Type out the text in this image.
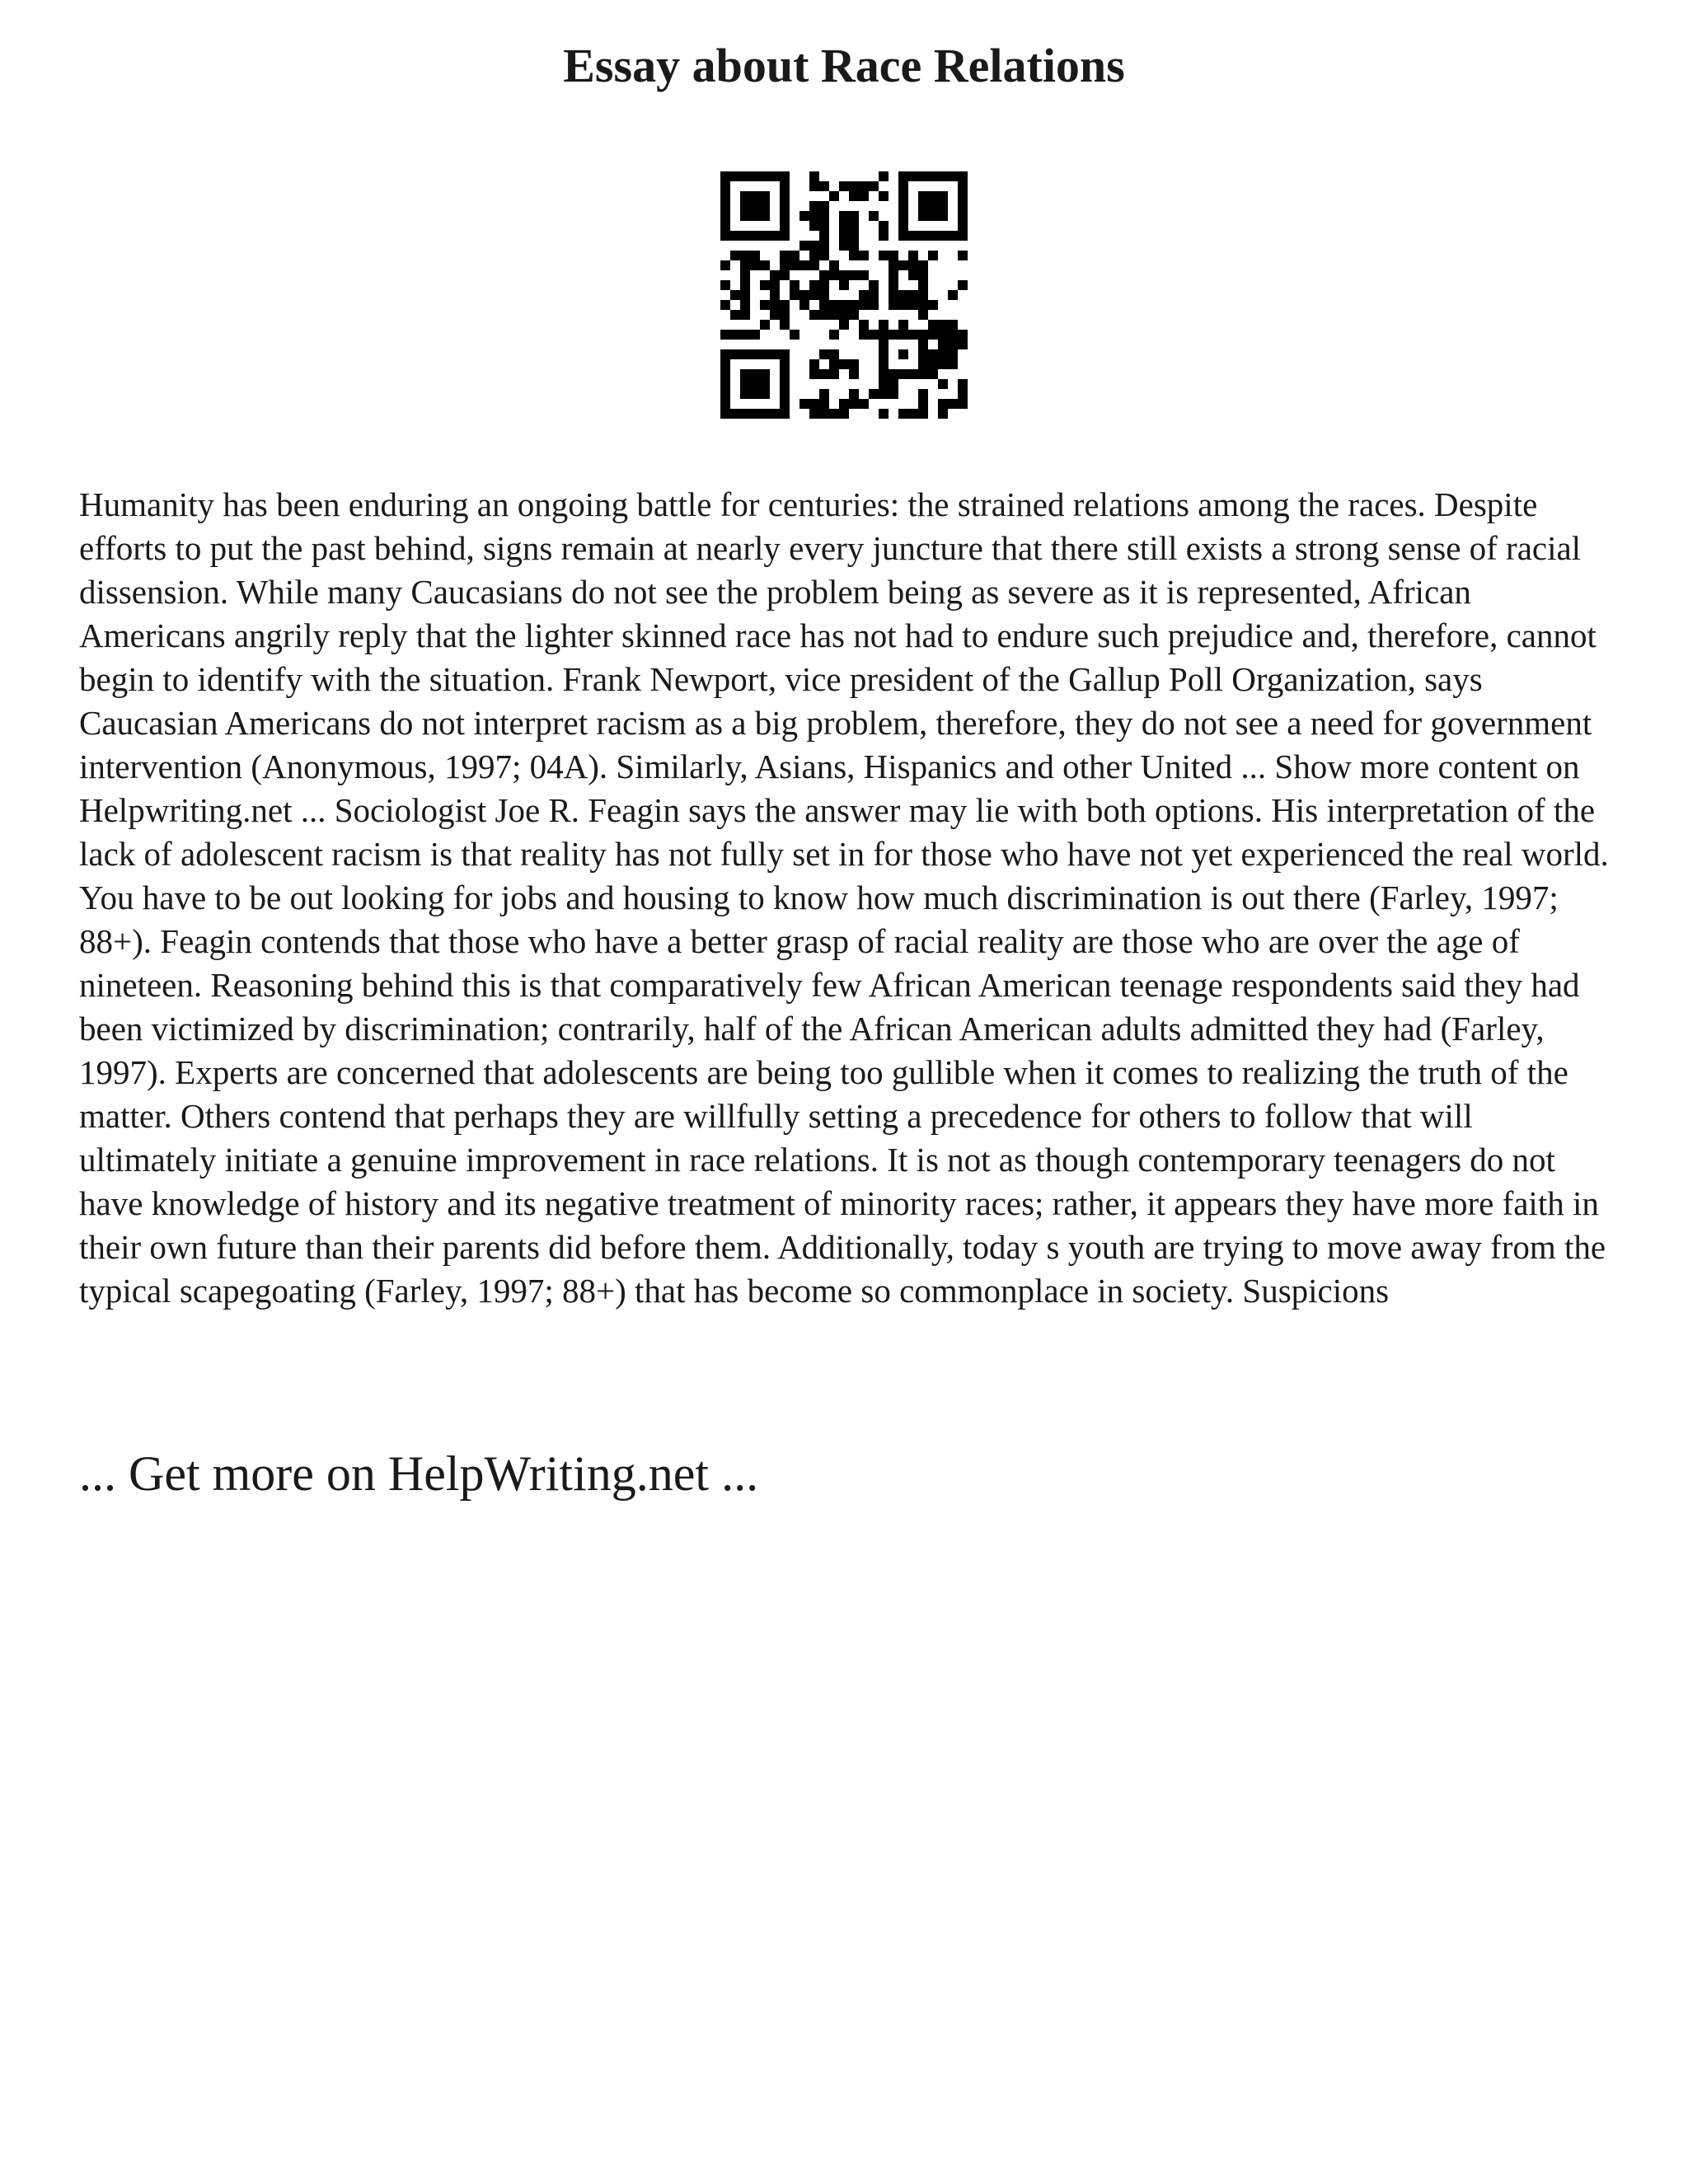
Essay about Race Relations

Humanity has been enduring an ongoing battle for centuries: the strained relations among the races. Despite efforts to put the past behind, signs remain at nearly every juncture that there still exists a strong sense of racial dissension. While many Caucasians do not see the problem being as severe as it is represented, African Americans angrily reply that the lighter skinned race has not had to endure such prejudice and, therefore, cannot begin to identify with the situation. Frank Newport, vice president of the Gallup Poll Organization, says Caucasian Americans do not interpret racism as a big problem, therefore, they do not see a need for government intervention (Anonymous, 1997; 04A). Similarly, Asians, Hispanics and other United ... Show more content on Helpwriting.net ... Sociologist Joe R. Feagin says the answer may lie with both options. His interpretation of the lack of adolescent racism is that reality has not fully set in for those who have not yet experienced the real world. You have to be out looking for jobs and housing to know how much discrimination is out there (Farley, 1997; 88+). Feagin contends that those who have a better grasp of racial reality are those who are over the age of nineteen. Reasoning behind this is that comparatively few African American teenage respondents said they had been victimized by discrimination; contrarily, half of the African American adults admitted they had (Farley, 1997). Experts are concerned that adolescents are being too gullible when it comes to realizing the truth of the matter. Others contend that perhaps they are willfully setting a precedence for others to follow that will ultimately initiate a genuine improvement in race relations. It is not as though contemporary teenagers do not have knowledge of history and its negative treatment of minority races; rather, it appears they have more faith in their own future than their parents did before them. Additionally, today s youth are trying to move away from the typical scapegoating (Farley, 1997; 88+) that has become so commonplace in society. Suspicions

... Get more on HelpWriting.net ...
